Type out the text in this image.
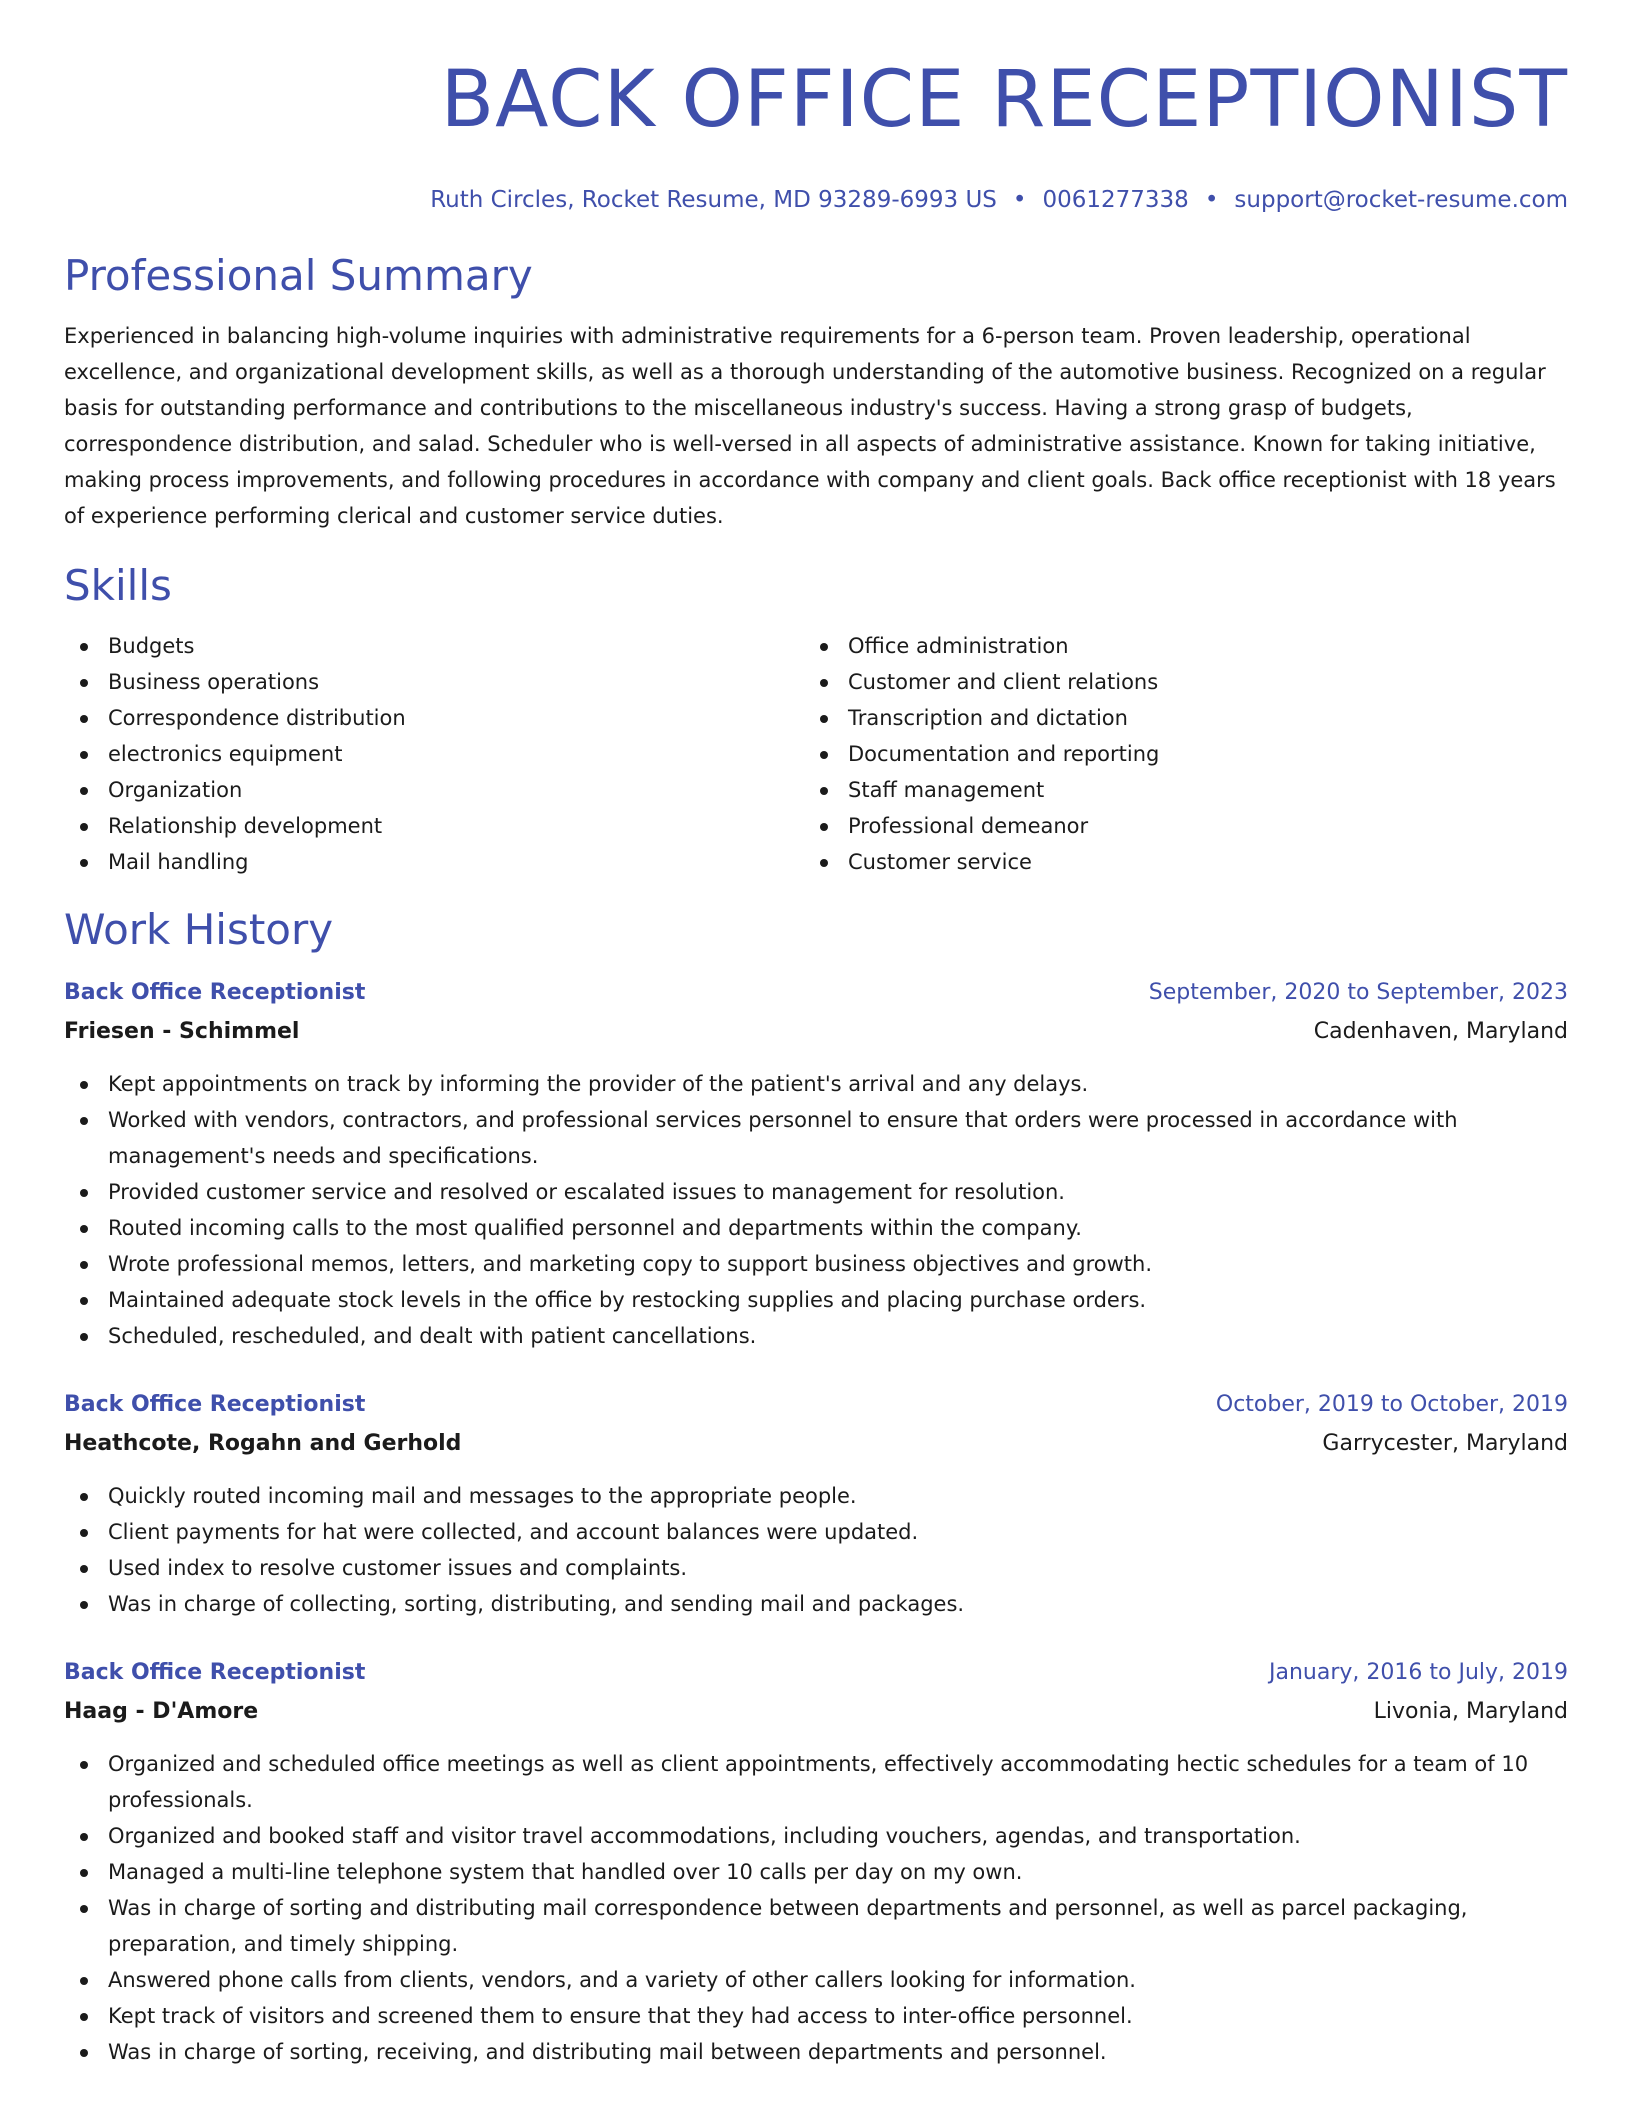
BACK OFFICE RECEPTIONIST
Ruth Circles, Rocket Resume, MD 93289-6993 US • 0061277338 • support@rocket-resume.com
Professional Summary

Experienced in balancing high-volume inquiries with administrative requirements for a 6-person team. Proven leadership, operational excellence, and organizational development skills, as well as a thorough understanding of the automotive business. Recognized on a regular basis for outstanding performance and contributions to the miscellaneous industry's success. Having a strong grasp of budgets, correspondence distribution, and salad. Scheduler who is well-versed in all aspects of administrative assistance. Known for taking initiative, making process improvements, and following procedures in accordance with company and client goals. Back office receptionist with 18 years of experience performing clerical and customer service duties.

Skills
Budgets
Business operations
Correspondence distribution
electronics equipment
Organization
Relationship development
Mail handling
Office administration
Customer and client relations
Transcription and dictation
Documentation and reporting
Staff management
Professional demeanor
Customer service
Work History
Back Office Receptionist	September, 2020 to September, 2023
Friesen - Schimmel	Cadenhaven, Maryland
Kept appointments on track by informing the provider of the patient's arrival and any delays.
Worked with vendors, contractors, and professional services personnel to ensure that orders were processed in accordance with management's needs and specifications.
Provided customer service and resolved or escalated issues to management for resolution.
Routed incoming calls to the most qualified personnel and departments within the company.
Wrote professional memos, letters, and marketing copy to support business objectives and growth.
Maintained adequate stock levels in the office by restocking supplies and placing purchase orders.
Scheduled, rescheduled, and dealt with patient cancellations.
Back Office Receptionist	October, 2019 to October, 2019
Heathcote, Rogahn and Gerhold	Garrycester, Maryland
Quickly routed incoming mail and messages to the appropriate people.
Client payments for hat were collected, and account balances were updated.
Used index to resolve customer issues and complaints.
Was in charge of collecting, sorting, distributing, and sending mail and packages.
Back Office Receptionist	January, 2016 to July, 2019
Haag - D'Amore	Livonia, Maryland
Organized and scheduled office meetings as well as client appointments, effectively accommodating hectic schedules for a team of 10 professionals.
Organized and booked staff and visitor travel accommodations, including vouchers, agendas, and transportation.
Managed a multi-line telephone system that handled over 10 calls per day on my own.
Was in charge of sorting and distributing mail correspondence between departments and personnel, as well as parcel packaging, preparation, and timely shipping.
Answered phone calls from clients, vendors, and a variety of other callers looking for information.
Kept track of visitors and screened them to ensure that they had access to inter-office personnel.
Was in charge of sorting, receiving, and distributing mail between departments and personnel.
